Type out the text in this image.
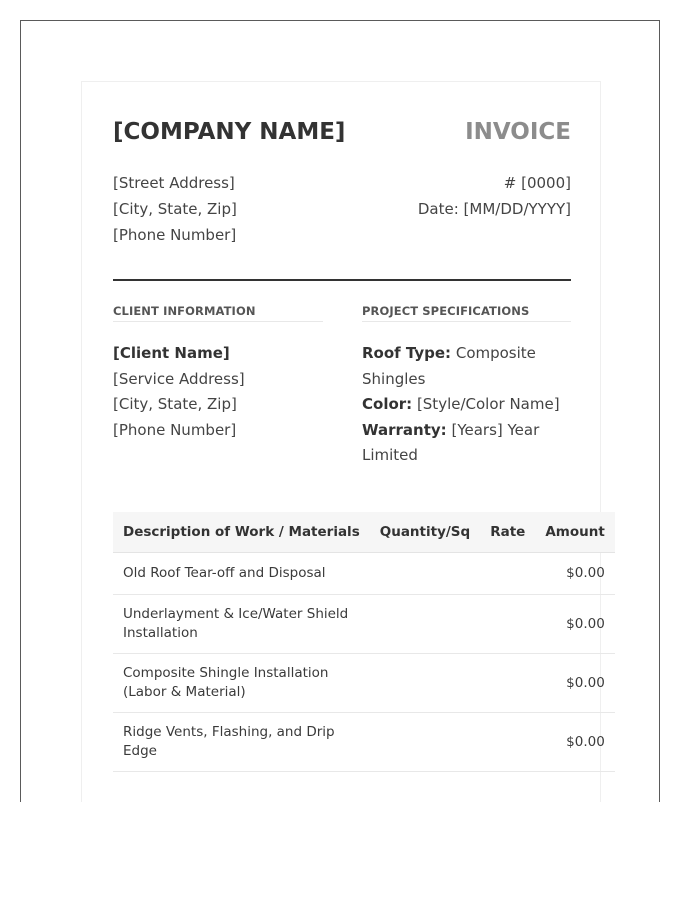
[COMPANY NAME]	INVOICE
[Street Address]
[City, State, Zip]
[Phone Number]
# [0000]
Date: [MM/DD/YYYY]
CLIENT INFORMATION
[Client Name]
[Service Address]
[City, State, Zip]
[Phone Number]
PROJECT SPECIFICATIONS
Roof Type: Composite Shingles
Color: [Style/Color Name]
Warranty: [Years] Year Limited
Description of Work / Materials	Quantity/Sq	Rate	Amount
Old Roof Tear-off and Disposal			$0.00
Underlayment & Ice/Water Shield Installation			$0.00
Composite Shingle Installation (Labor & Material)			$0.00
Ridge Vents, Flashing, and Drip Edge			$0.00
